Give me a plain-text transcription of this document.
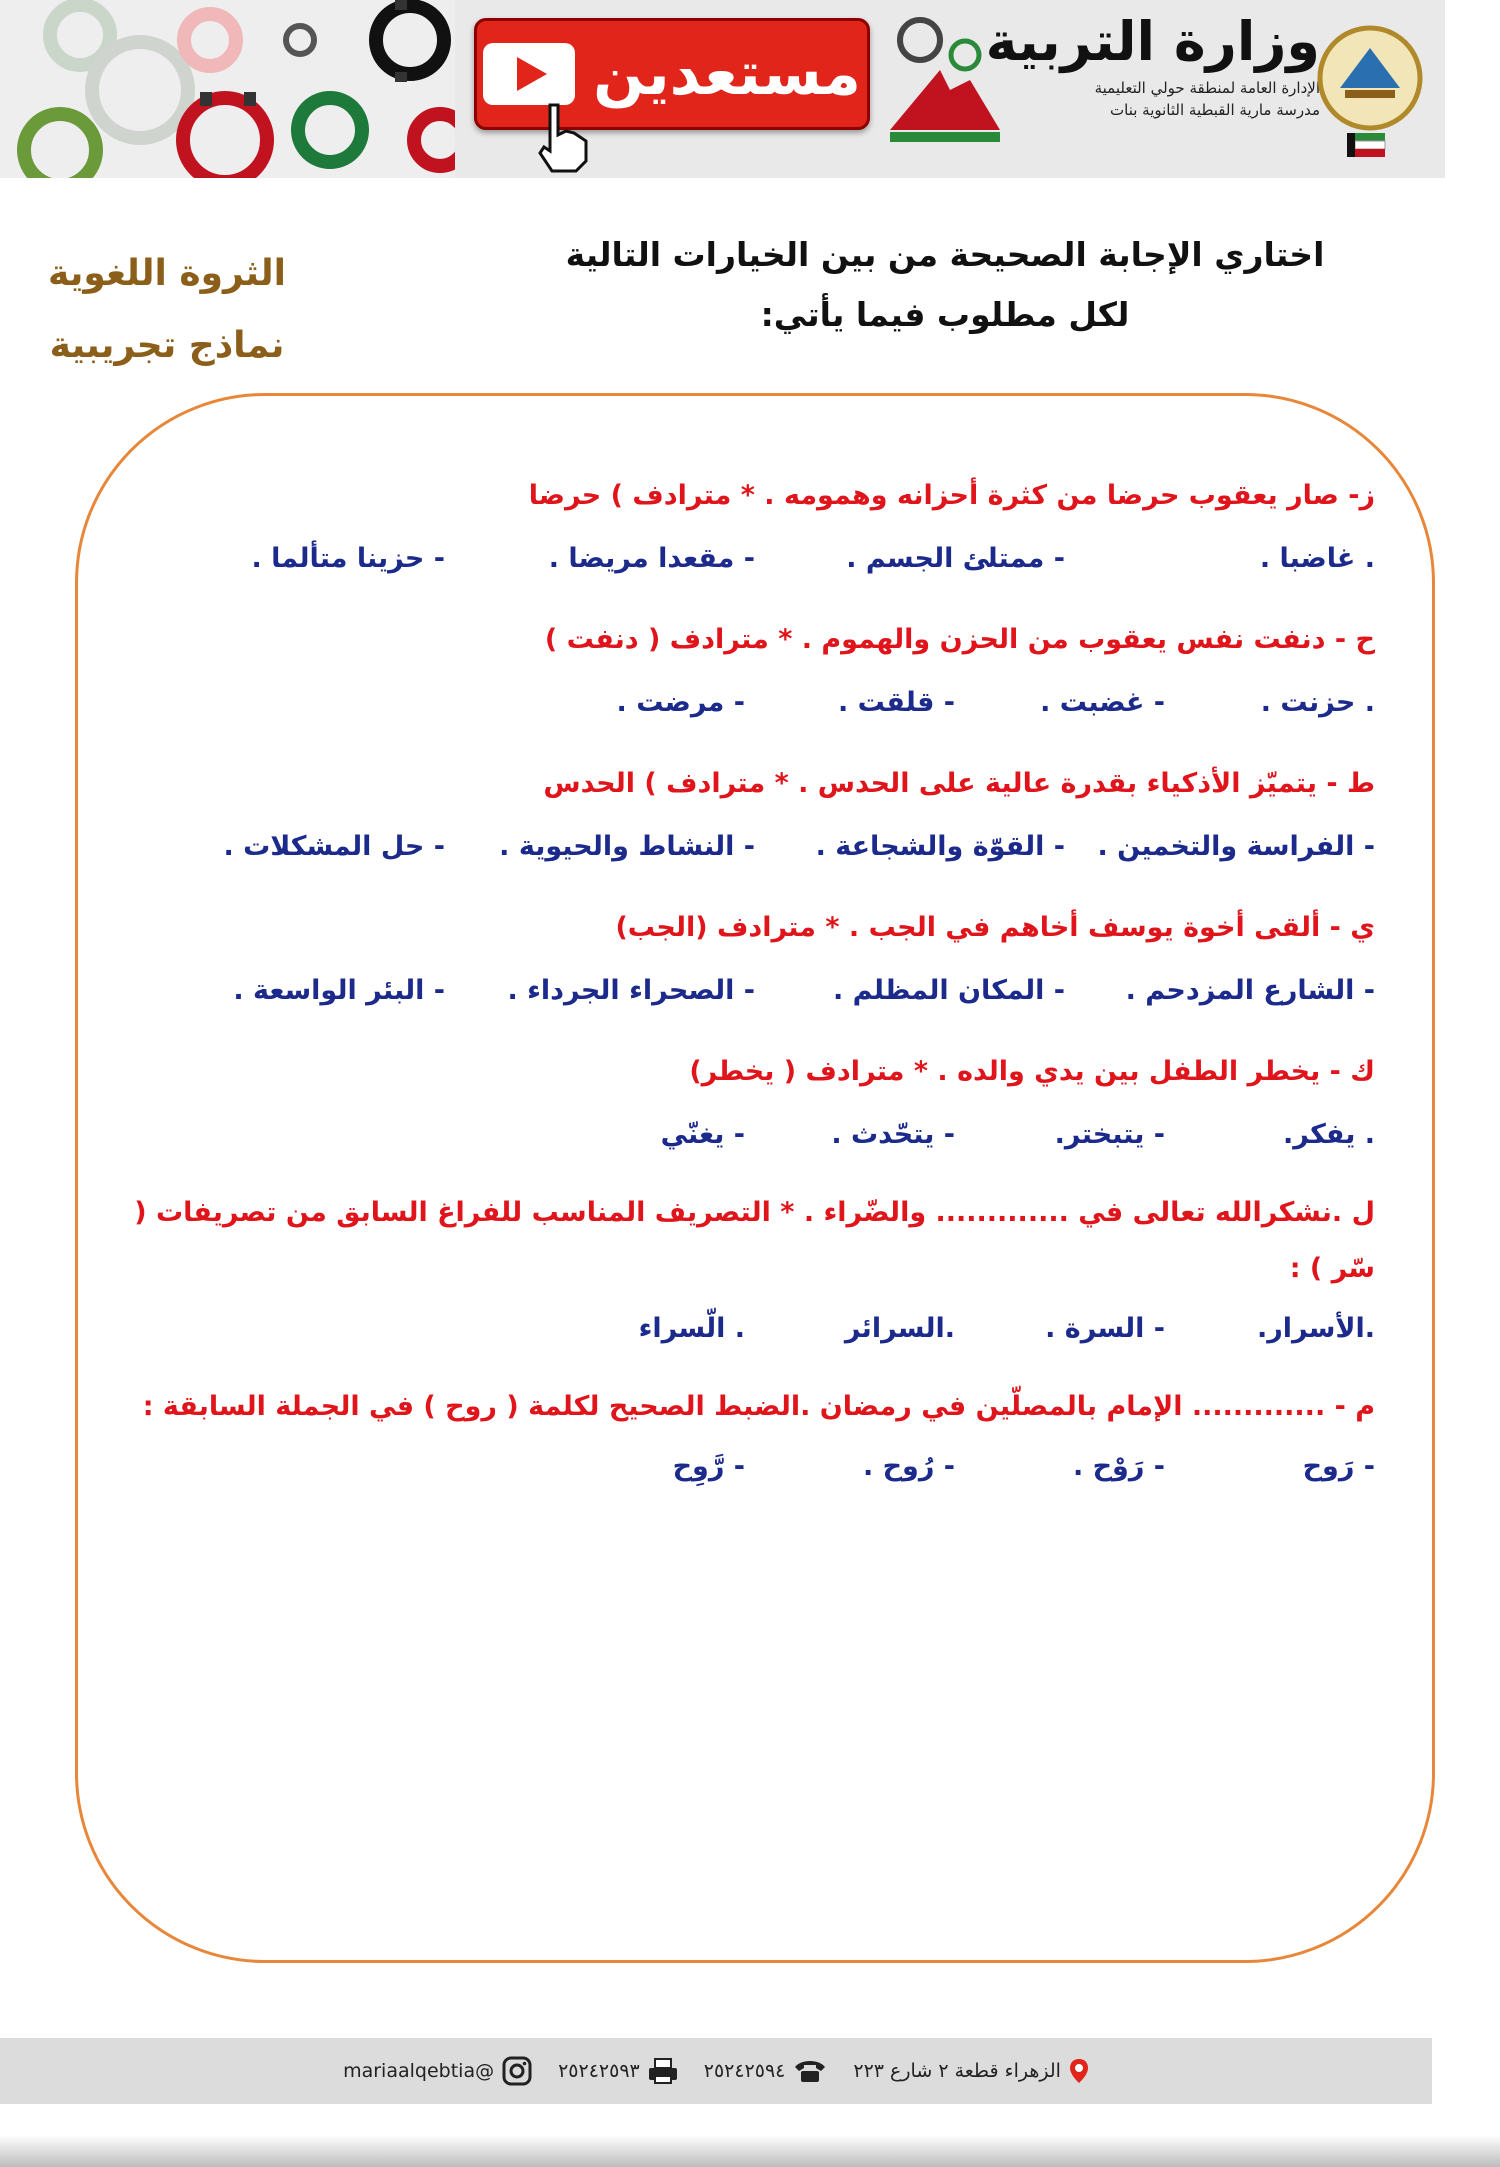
مستعدين	وزارة التربية
الإدارة العامة لمنطقة حولي التعليمية
مدرسة مارية القبطية الثانوية بنات
الثروة اللغوية
نماذج تجريبية
اختاري الإجابة الصحيحة من بين الخيارات التالية
لكل مطلوب فيما يأتي:
ز- صار يعقوب حرضا من كثرة أحزانه وهمومه . * مترادف ) حرضا
. غاضبا .
- ممتلئ الجسم .
- مقعدا مريضا .
- حزينا متألما .
ح - دنفت نفس يعقوب من الحزن والهموم . * مترادف ( دنفت )
. حزنت .
- غضبت .
- قلقت .
- مرضت .
ط - يتميّز الأذكياء بقدرة عالية على الحدس . * مترادف ) الحدس
- الفراسة والتخمين .
- القوّة والشجاعة .
- النشاط والحيوية .
- حل المشكلات .
ي - ألقى أخوة يوسف أخاهم في الجب . * مترادف (الجب)
- الشارع المزدحم .
- المكان المظلم .
- الصحراء الجرداء .
- البئر الواسعة .
ك - يخطر الطفل بين يدي والده . * مترادف ( يخطر)
. يفكر.
- يتبختر.
- يتحّدث .
- يغنّي
ل .نشكرالله تعالى في ............. والضّراء . * التصريف المناسب للفراغ السابق من تصريفات ( سّر ) :
.الأسرار.
- السرة .
.السرائر
. الّسراء
م - ............. الإمام بالمصلّين في رمضان .الضبط الصحيح لكلمة ( روح ) في الجملة السابقة :
- رَوح
- رَوْح .
- رُوح .
- رَّوِح
الزهراء قطعة ٢ شارع ٢٢٣
٢٥٢٤٢٥٩٤
٢٥٢٤٢٥٩٣
@mariaalqebtia
